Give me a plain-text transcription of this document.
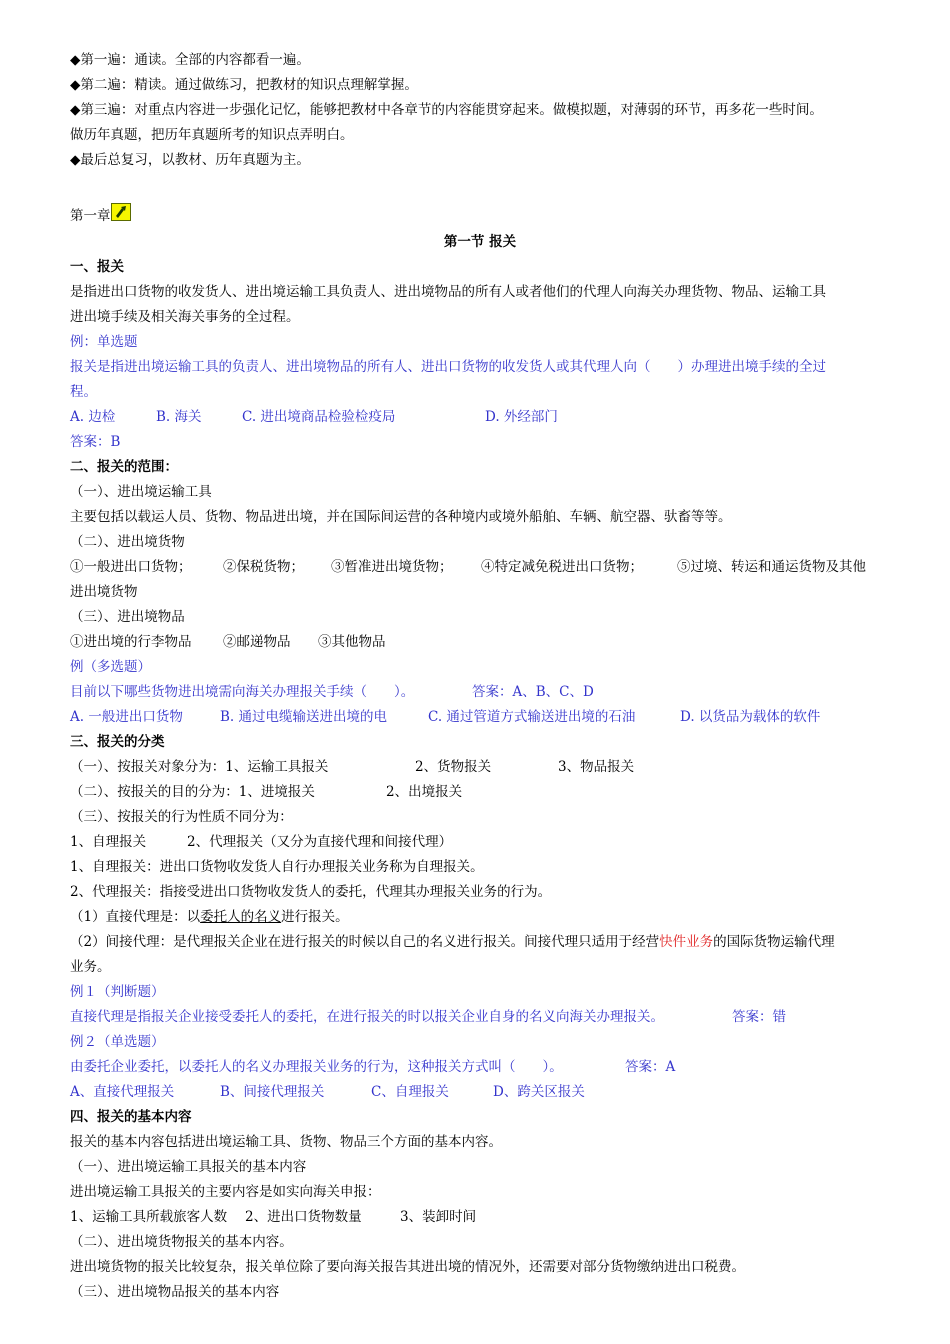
◆第一遍：通读。全部的内容都看一遍。
◆第二遍：精读。通过做练习，把教材的知识点理解掌握。
◆第三遍：对重点内容进一步强化记忆，能够把教材中各章节的内容能贯穿起来。做模拟题，对薄弱的环节，再多花一些时间。
做历年真题，把历年真题所考的知识点弄明白。
◆最后总复习，以教材、历年真题为主。
第一章
第一节 报关
一、报关
是指进出口货物的收发货人、进出境运输工具负责人、进出境物品的所有人或者他们的代理人向海关办理货物、物品、运输工具
进出境手续及相关海关事务的全过程。
例：单选题
报关是指进出境运输工具的负责人、进出境物品的所有人、进出口货物的收发货人或其代理人向（　　）办理进出境手续的全过
程。
A. 边检	B. 海关	C. 进出境商品检验检疫局	D. 外经部门
答案：B
二、报关的范围：
（一）、进出境运输工具
主要包括以载运人员、货物、物品进出境，并在国际间运营的各种境内或境外船舶、车辆、航空器、驮畜等等。
（二）、进出境货物
①一般进出口货物； ②保税货物； ③暂准进出境货物； ④特定减免税进出口货物；	⑤过境、转运和通运货物及其他
进出境货物
（三）、进出境物品
①进出境的行李物品 ②邮递物品 ③其他物品
例（多选题）
目前以下哪些货物进出境需向海关办理报关手续（　　）。	答案：A、B、C、D
A. 一般进出口货物	B. 通过电缆输送进出境的电	C. 通过管道方式输送进出境的石油	D. 以货品为载体的软件
三、报关的分类
（一）、按报关对象分为：1、运输工具报关	2、货物报关	3、物品报关
（二）、按报关的目的分为：1、进境报关	2、出境报关
（三）、按报关的行为性质不同分为：
1、自理报关	2、代理报关（又分为直接代理和间接代理）
1、自理报关：进出口货物收发货人自行办理报关业务称为自理报关。
2、代理报关：指接受进出口货物收发货人的委托，代理其办理报关业务的行为。
（1）直接代理是：以委托人的名义进行报关。
（2）间接代理：是代理报关企业在进行报关的时候以自己的名义进行报关。间接代理只适用于经营快件业务的国际货物运输代理
业务。
例１（判断题）
直接代理是指报关企业接受委托人的委托，在进行报关的时以报关企业自身的名义向海关办理报关。	答案：错
例２（单选题）
由委托企业委托，以委托人的名义办理报关业务的行为，这种报关方式叫（　　）。	答案：A
A、直接代理报关	B、间接代理报关	C、自理报关	D、跨关区报关
四、报关的基本内容
报关的基本内容包括进出境运输工具、货物、物品三个方面的基本内容。
（一）、进出境运输工具报关的基本内容
进出境运输工具报关的主要内容是如实向海关申报：
1、运输工具所载旅客人数 2、进出口货物数量	3、装卸时间
（二）、进出境货物报关的基本内容。
进出境货物的报关比较复杂，报关单位除了要向海关报告其进出境的情况外，还需要对部分货物缴纳进出口税费。
（三）、进出境物品报关的基本内容
